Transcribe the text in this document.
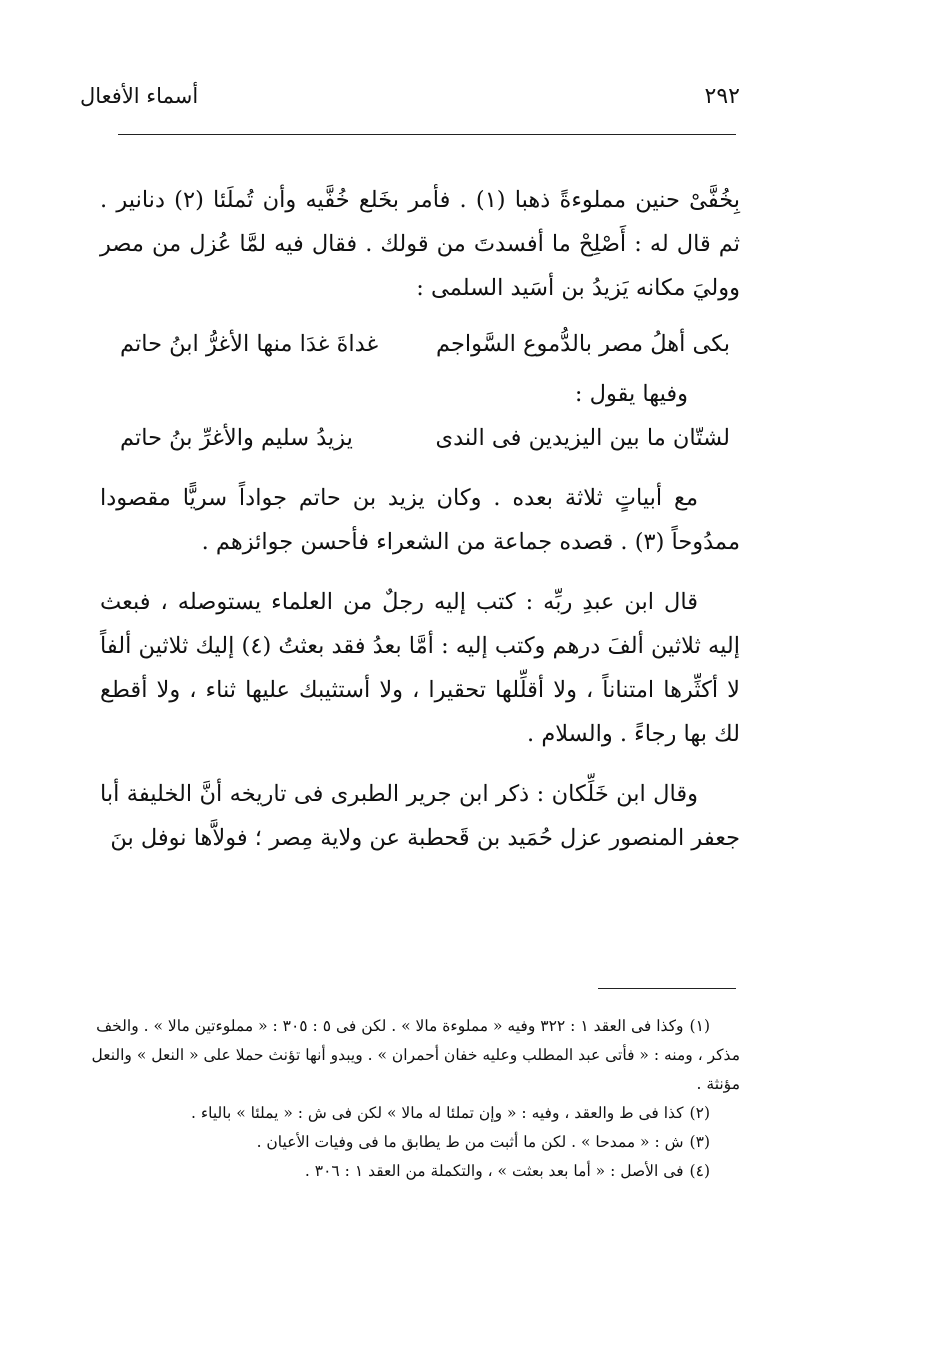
أسماء الأفعال	٢٩٢

بِخُفَّىْ حنين مملوءةً ذهبا (١) . فأمر بخَلع خُفَّيه وأن تُملَئا (٢) دنانير . ثم قال له : أَصْلِحْ ما أفسدتَ من قولك . فقال فيه لمَّا عُزل من مصر ووليَ مكانه يَزيدُ بن أسَيد السلمى :

بكى أهلُ مصر بالدُّموع السَّواجم
غداةَ غدَا منها الأغرُّ ابنُ حاتم

وفيها يقول :

لشتّان ما بين اليزيدين فى الندى
يزيدُ سليم والأغرِّ بنُ حاتم

مع أبياتٍ ثلاثة بعده . وكان يزيد بن حاتم جواداً سريًّا مقصودا ممدُوحاً (٣) . قصده جماعة من الشعراء فأحسن جوائزهم .

قال ابن عبدِ ربِّه : كتب إليه رجلٌ من العلماء يستوصله ، فبعث إليه ثلاثين ألفَ درهم وكتب إليه : أمَّا بعدُ فقد بعثتُ (٤) إليك ثلاثين ألفاً لا أكثِّرها امتناناً ، ولا أقلِّلها تحقيرا ، ولا أستثيبك عليها ثناء ، ولا أقطع لك بها رجاءً . والسلام .

وقال ابن خَلِّكان : ذكر ابن جرير الطبرى فى تاريخه أنَّ الخليفة أبا جعفر المنصور عزل حُمَيد بن قَحطبة عن ولاية مِصر ؛ فولاَّها نوفل بنَ

(١)وكذا فى العقد ١ : ٣٢٢ وفيه « مملوءة مالا » . لكن فى ٥ : ٣٠٥ : « مملوءتين مالا » . والخف مذكر ، ومنه : « فأتى عبد المطلب وعليه خفان أحمران » . ويبدو أنها تؤنث حملا على « النعل » والنعل مؤنثة .

(٢)كذا فى ط والعقد ، وفيه : « وإن تملئا له مالا » لكن فى ش : « يملئا » بالياء .

(٣)ش : « ممدحا » . لكن ما أثبت من ط يطابق ما فى وفيات الأعيان .

(٤)فى الأصل : « أما بعد بعثت » ، والتكملة من العقد ١ : ٣٠٦ .
